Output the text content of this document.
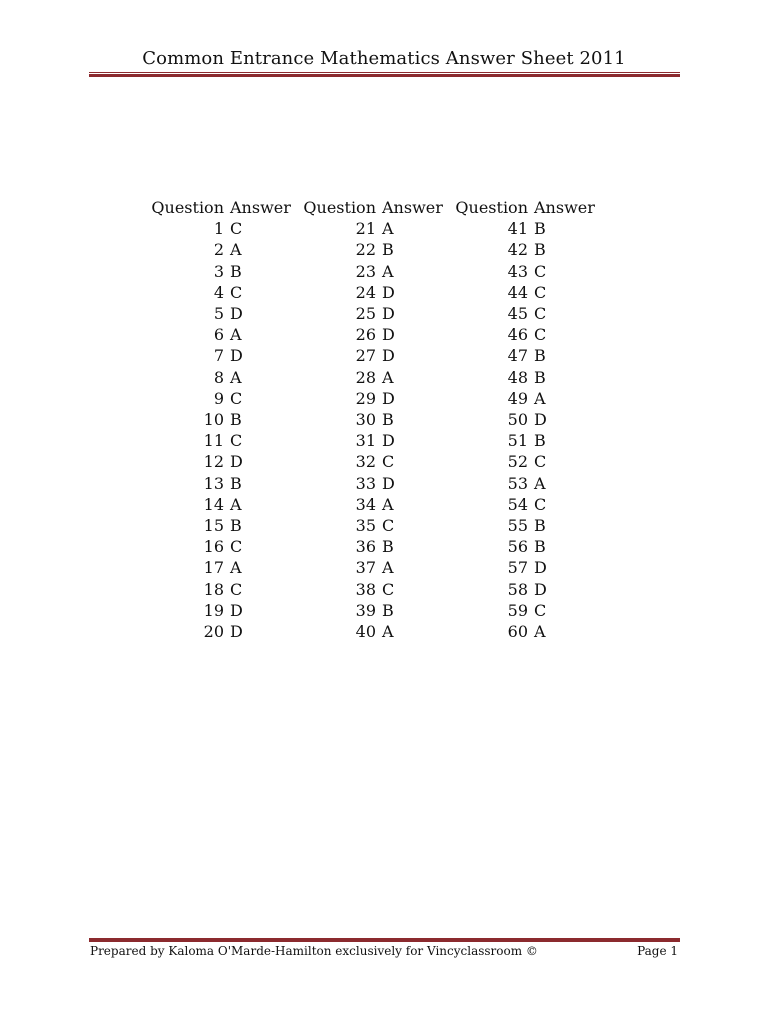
Common Entrance Mathematics Answer Sheet 2011
Question	Answer	Question	Answer	Question	Answer
1	C	21	A	41	B
2	A	22	B	42	B
3	B	23	A	43	C
4	C	24	D	44	C
5	D	25	D	45	C
6	A	26	D	46	C
7	D	27	D	47	B
8	A	28	A	48	B
9	C	29	D	49	A
10	B	30	B	50	D
11	C	31	D	51	B
12	D	32	C	52	C
13	B	33	D	53	A
14	A	34	A	54	C
15	B	35	C	55	B
16	C	36	B	56	B
17	A	37	A	57	D
18	C	38	C	58	D
19	D	39	B	59	C
20	D	40	A	60	A
Prepared by Kaloma O'Marde-Hamilton exclusively for Vincyclassroom ©	Page 1
